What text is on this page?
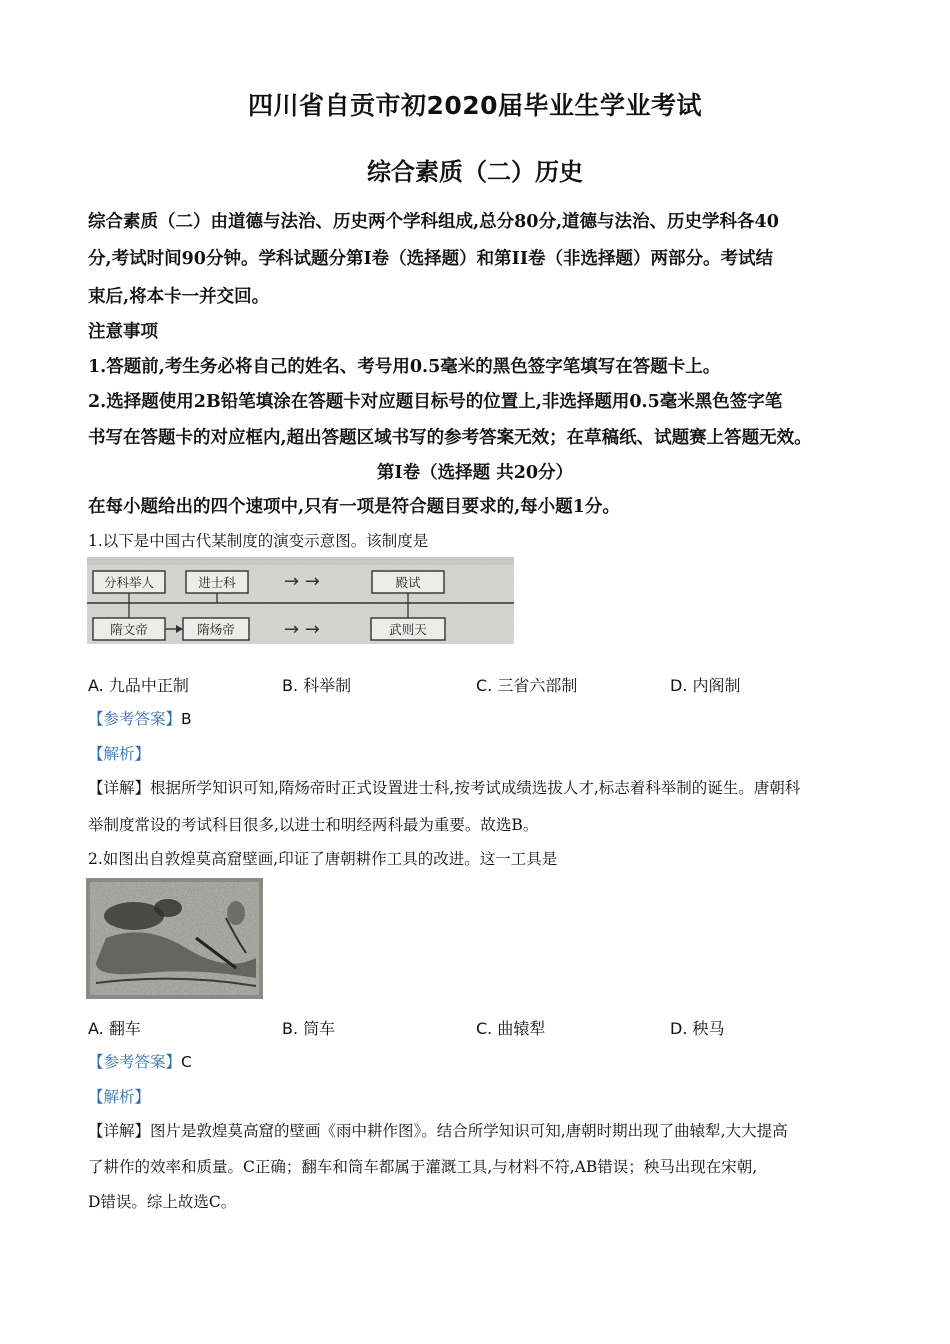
四川省自贡市初2020届毕业生学业考试
综合素质（二）历史
综合素质（二）由道德与法治、历史两个学科组成,总分80分,道德与法治、历史学科各40
分,考试时间90分钟。学科试题分第Ⅰ卷（选择题）和第II卷（非选择题）两部分。考试结
束后,将本卡一并交回。
注意事项
1.答题前,考生务必将自己的姓名、考号用0.5毫米的黑色签字笔填写在答题卡上。
2.选择题使用2B铅笔填涂在答题卡对应题目标号的位置上,非选择题用0.5毫米黑色签字笔
书写在答题卡的对应框内,超出答题区域书写的参考答案无效；在草稿纸、试题赛上答题无效。
第Ⅰ卷（选择题 共20分）
在每小题给出的四个速项中,只有一项是符合题目要求的,每小题1分。
1.以下是中国古代某制度的演变示意图。该制度是
→ →
→ →
分科举人	进士科	殿试
隋文帝	隋炀帝	武则天
A. 九品中正制	B. 科举制	C. 三省六部制	D. 内阁制
【参考答案】B
【解析】
【详解】根据所学知识可知,隋炀帝时正式设置进士科,按考试成绩选拔人才,标志着科举制的诞生。唐朝科
举制度常设的考试科目很多,以进士和明经两科最为重要。故选B。
2.如图出自敦煌莫高窟壁画,印证了唐朝耕作工具的改进。这一工具是
A. 翻车	B. 筒车	C. 曲辕犁	D. 秧马
【参考答案】C
【解析】
【详解】图片是敦煌莫高窟的壁画《雨中耕作图》。结合所学知识可知,唐朝时期出现了曲辕犁,大大提高
了耕作的效率和质量。C正确；翻车和筒车都属于灌溉工具,与材料不符,AB错误；秧马出现在宋朝,
D错误。综上故选C。
